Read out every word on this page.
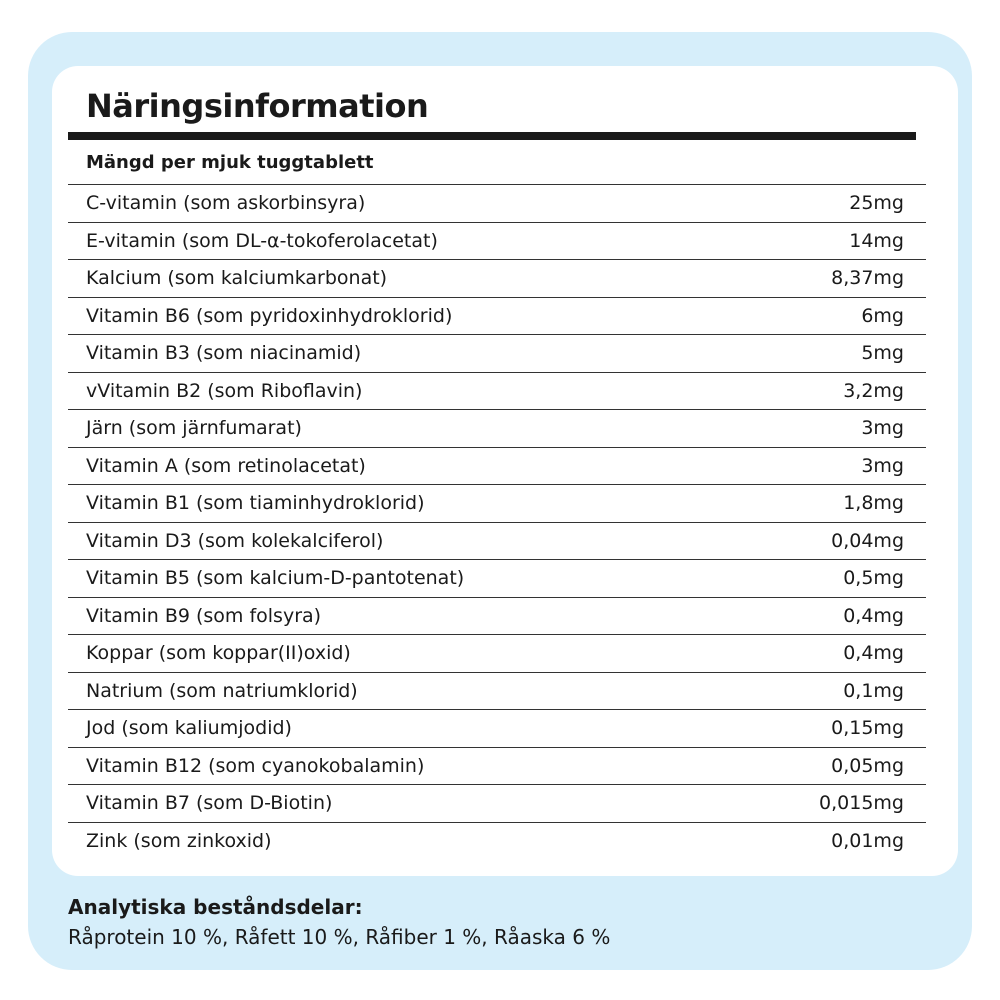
Näringsinformation
Mängd per mjuk tuggtablett
C-vitamin (som askorbinsyra)	25mg
E-vitamin (som DL-α-tokoferolacetat)	14mg
Kalcium (som kalciumkarbonat)	8,37mg
Vitamin B6 (som pyridoxinhydroklorid)	6mg
Vitamin B3 (som niacinamid)	5mg
vVitamin B2 (som Riboflavin)	3,2mg
Järn (som järnfumarat)	3mg
Vitamin A (som retinolacetat)	3mg
Vitamin B1 (som tiaminhydroklorid)	1,8mg
Vitamin D3 (som kolekalciferol)	0,04mg
Vitamin B5 (som kalcium-D-pantotenat)	0,5mg
Vitamin B9 (som folsyra)	0,4mg
Koppar (som koppar(II)oxid)	0,4mg
Natrium (som natriumklorid)	0,1mg
Jod (som kaliumjodid)	0,15mg
Vitamin B12 (som cyanokobalamin)	0,05mg
Vitamin B7 (som D-Biotin)	0,015mg
Zink (som zinkoxid)	0,01mg
Analytiska beståndsdelar:
Råprotein 10 %, Råfett 10 %, Råfiber 1 %, Råaska 6 %
